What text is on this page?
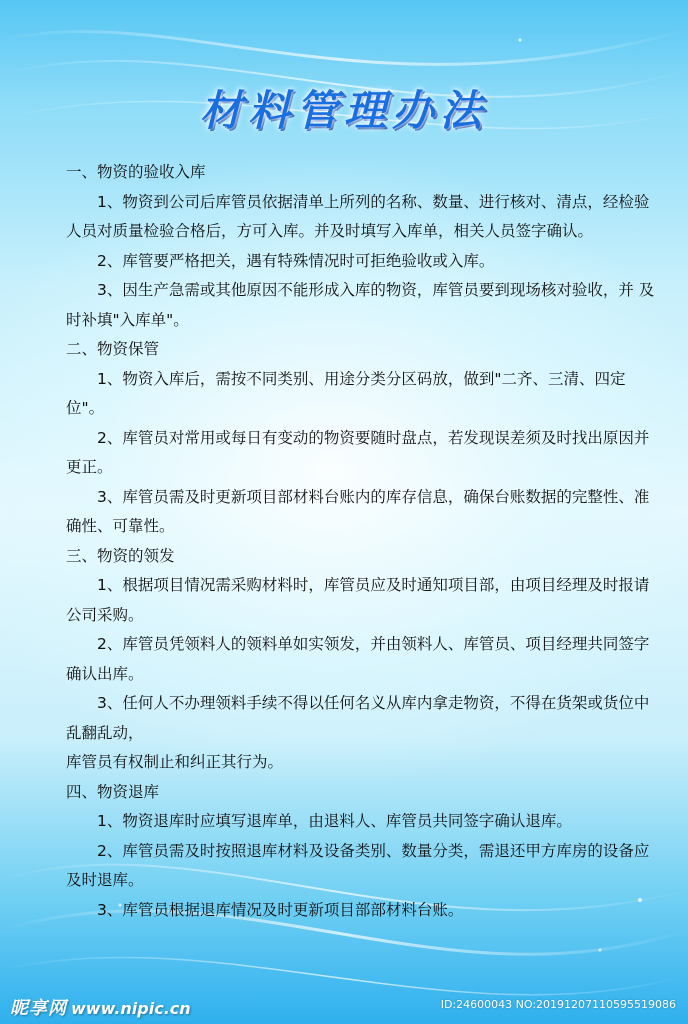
材料管理办法

一、物资的验收入库

1、物资到公司后库管员依据清单上所列的名称、数量、进行核对、清点，经检验人员对质量检验合格后，方可入库。并及时填写入库单，相关人员签字确认。

2、库管要严格把关，遇有特殊情况时可拒绝验收或入库。

3、因生产急需或其他原因不能形成入库的物资，库管员要到现场核对验收，并 及时补填"入库单"。

二、物资保管

1、物资入库后，需按不同类别、用途分类分区码放，做到"二齐、三清、四定位"。

2、库管员对常用或每日有变动的物资要随时盘点，若发现误差须及时找出原因并更正。

3、库管员需及时更新项目部材料台账内的库存信息，确保台账数据的完整性、准确性、可靠性。

三、物资的领发

1、根据项目情况需采购材料时，库管员应及时通知项目部，由项目经理及时报请公司采购。

2、库管员凭领料人的领料单如实领发，并由领料人、库管员、项目经理共同签字确认出库。

3、任何人不办理领料手续不得以任何名义从库内拿走物资，不得在货架或货位中乱翻乱动，

库管员有权制止和纠正其行为。

四、物资退库

1、物资退库时应填写退库单，由退料人、库管员共同签字确认退库。

2、库管员需及时按照退库材料及设备类别、数量分类，需退还甲方库房的设备应及时退库。

3、库管员根据退库情况及时更新项目部部材料台账。

昵享网 www.nipic.cn	ID:24600043 NO:20191207110595519086
